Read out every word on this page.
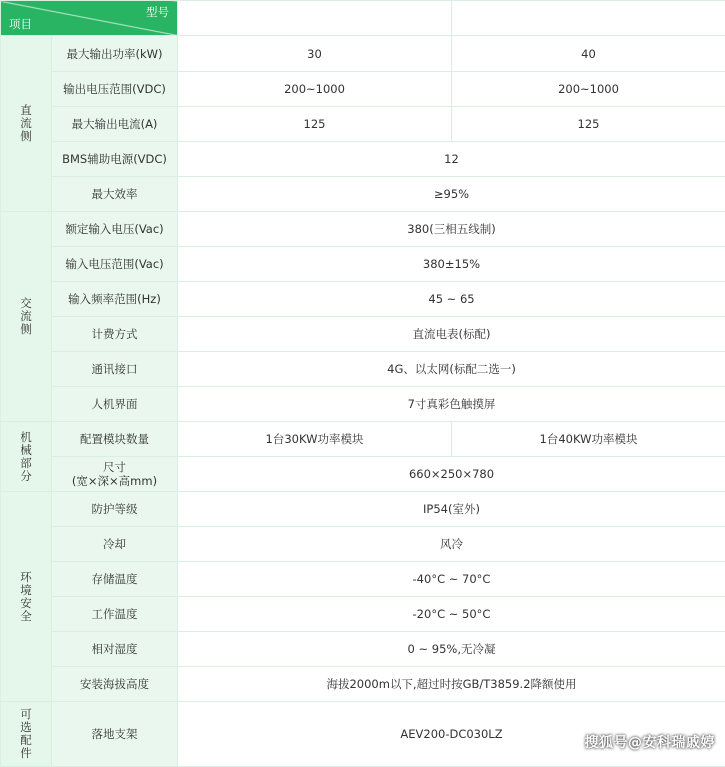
型号
项目		AEV200-DC030D	AEV200-DC040D
直
流
侧	最大输出功率(kW)	30	40
	输出电压范围(VDC)	200~1000	200~1000
	最大输出电流(A)	125	125
	BMS辅助电源(VDC)	12	
	最大效率	≥95%	
交
流
侧	额定输入电压(Vac)	380(三相五线制)	
	输入电压范围(Vac)	380±15%	
	输入频率范围(Hz)	45 ~ 65	
	计费方式	直流电表(标配)	
	通讯接口	4G、以太网(标配二选一)	
	人机界面	7寸真彩色触摸屏	
机
械
部
分	配置模块数量	1台30KW功率模块	1台40KW功率模块
	尺寸
(宽×深×高mm)	660×250×780	
环
境
安
全	防护等级	IP54(室外)	
	冷却	风冷	
	存储温度	-40°C ~ 70°C	
	工作温度	-20°C ~ 50°C	
	相对湿度	0 ~ 95%,无冷凝	
	安装海拔高度	海拔2000m以下,超过时按GB/T3859.2降额使用	
可
选
配
件	落地支架	AEV200-DC030LZ	
搜狐号@安科瑞戚婷
